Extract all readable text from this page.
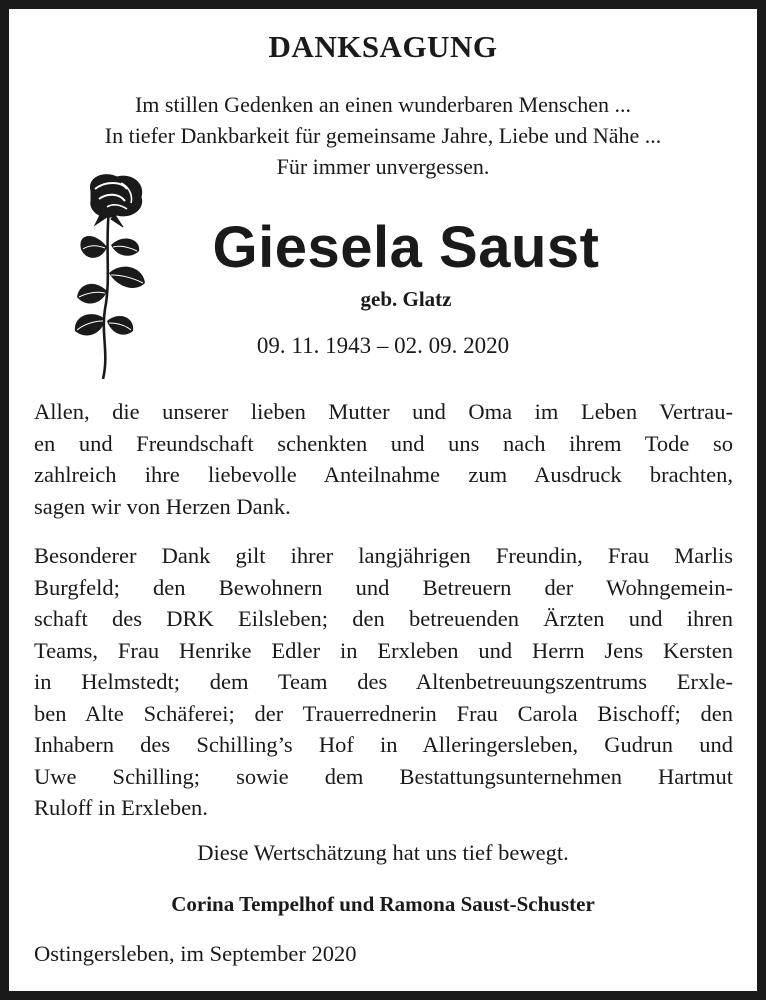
DANKSAGUNG
Im stillen Gedenken an einen wunderbaren Menschen ...
In tiefer Dankbarkeit für gemeinsame Jahre, Liebe und Nähe ...
Für immer unvergessen.
Giesela Saust
geb. Glatz
09. 11. 1943 – 02. 09. 2020
Allen, die unserer lieben Mutter und Oma im Leben Vertrau-
en und Freundschaft schenkten und uns nach ihrem Tode so
zahlreich ihre liebevolle Anteilnahme zum Ausdruck brachten,
sagen wir von Herzen Dank.
Besonderer Dank gilt ihrer langjährigen Freundin, Frau Marlis
Burgfeld; den Bewohnern und Betreuern der Wohngemein-
schaft des DRK Eilsleben; den betreuenden Ärzten und ihren
Teams, Frau Henrike Edler in Erxleben und Herrn Jens Kersten
in Helmstedt; dem Team des Altenbetreuungszentrums Erxle-
ben Alte Schäferei; der Trauerrednerin Frau Carola Bischoff; den
Inhabern des Schilling’s Hof in Alleringersleben, Gudrun und
Uwe Schilling; sowie dem Bestattungsunternehmen Hartmut
Ruloff in Erxleben.
Diese Wertschätzung hat uns tief bewegt.
Corina Tempelhof und Ramona Saust-Schuster
Ostingersleben, im September 2020
